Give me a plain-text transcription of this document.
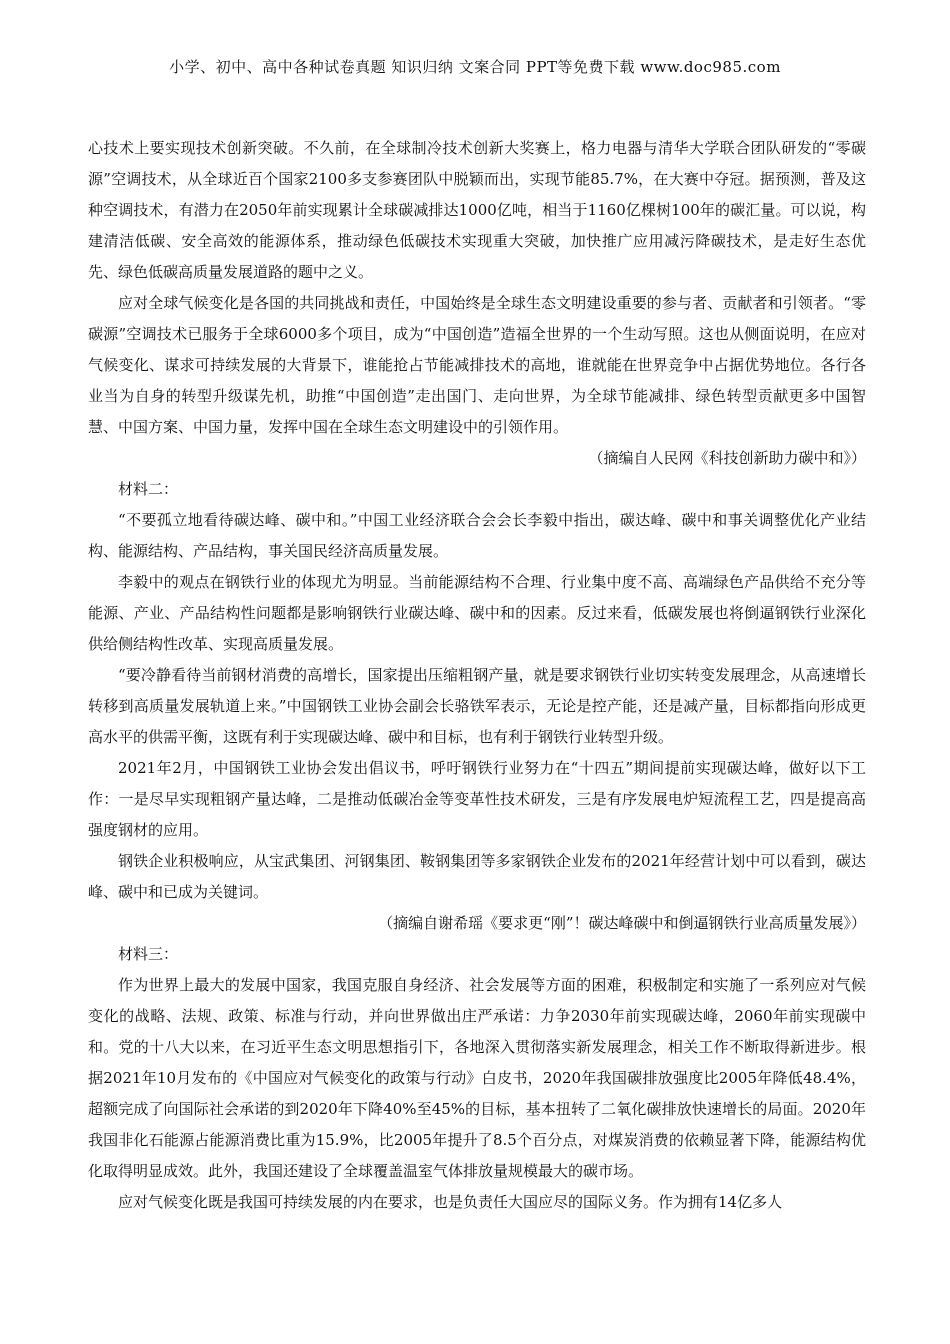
小学、初中、高中各种试卷真题 知识归纳 文案合同 PPT等免费下载 www.doc985.com

心技术上要实现技术创新突破。不久前，在全球制冷技术创新大奖赛上，格力电器与清华大学联合团队研发的“零碳源”空调技术，从全球近百个国家2100多支参赛团队中脱颖而出，实现节能85.7%，在大赛中夺冠。据预测，普及这种空调技术，有潜力在2050年前实现累计全球碳减排达1000亿吨，相当于1160亿棵树100年的碳汇量。可以说，构建清洁低碳、安全高效的能源体系，推动绿色低碳技术实现重大突破，加快推广应用减污降碳技术，是走好生态优先、绿色低碳高质量发展道路的题中之义。

应对全球气候变化是各国的共同挑战和责任，中国始终是全球生态文明建设重要的参与者、贡献者和引领者。“零碳源”空调技术已服务于全球6000多个项目，成为“中国创造”造福全世界的一个生动写照。这也从侧面说明，在应对气候变化、谋求可持续发展的大背景下，谁能抢占节能减排技术的高地，谁就能在世界竞争中占据优势地位。各行各业当为自身的转型升级谋先机，助推“中国创造”走出国门、走向世界，为全球节能减排、绿色转型贡献更多中国智慧、中国方案、中国力量，发挥中国在全球生态文明建设中的引领作用。

（摘编自人民网《科技创新助力碳中和》）

材料二：

“不要孤立地看待碳达峰、碳中和。”中国工业经济联合会会长李毅中指出，碳达峰、碳中和事关调整优化产业结构、能源结构、产品结构，事关国民经济高质量发展。

李毅中的观点在钢铁行业的体现尤为明显。当前能源结构不合理、行业集中度不高、高端绿色产品供给不充分等能源、产业、产品结构性问题都是影响钢铁行业碳达峰、碳中和的因素。反过来看，低碳发展也将倒逼钢铁行业深化供给侧结构性改革、实现高质量发展。

“要冷静看待当前钢材消费的高增长，国家提出压缩粗钢产量，就是要求钢铁行业切实转变发展理念，从高速增长转移到高质量发展轨道上来。”中国钢铁工业协会副会长骆铁军表示，无论是控产能，还是减产量，目标都指向形成更高水平的供需平衡，这既有利于实现碳达峰、碳中和目标，也有利于钢铁行业转型升级。

2021年2月，中国钢铁工业协会发出倡议书，呼吁钢铁行业努力在“十四五”期间提前实现碳达峰，做好以下工作：一是尽早实现粗钢产量达峰，二是推动低碳冶金等变革性技术研发，三是有序发展电炉短流程工艺，四是提高高强度钢材的应用。

钢铁企业积极响应，从宝武集团、河钢集团、鞍钢集团等多家钢铁企业发布的2021年经营计划中可以看到，碳达峰、碳中和已成为关键词。

（摘编自谢希瑶《要求更“刚”！碳达峰碳中和倒逼钢铁行业高质量发展》）

材料三：

作为世界上最大的发展中国家，我国克服自身经济、社会发展等方面的困难，积极制定和实施了一系列应对气候变化的战略、法规、政策、标准与行动，并向世界做出庄严承诺：力争2030年前实现碳达峰，2060年前实现碳中和。党的十八大以来，在习近平生态文明思想指引下，各地深入贯彻落实新发展理念，相关工作不断取得新进步。根据2021年10月发布的《中国应对气候变化的政策与行动》白皮书，2020年我国碳排放强度比2005年降低48.4%，超额完成了向国际社会承诺的到2020年下降40%至45%的目标，基本扭转了二氧化碳排放快速增长的局面。2020年我国非化石能源占能源消费比重为15.9%，比2005年提升了8.5个百分点，对煤炭消费的依赖显著下降，能源结构优化取得明显成效。此外，我国还建设了全球覆盖温室气体排放量规模最大的碳市场。

应对气候变化既是我国可持续发展的内在要求，也是负责任大国应尽的国际义务。作为拥有14亿多人
